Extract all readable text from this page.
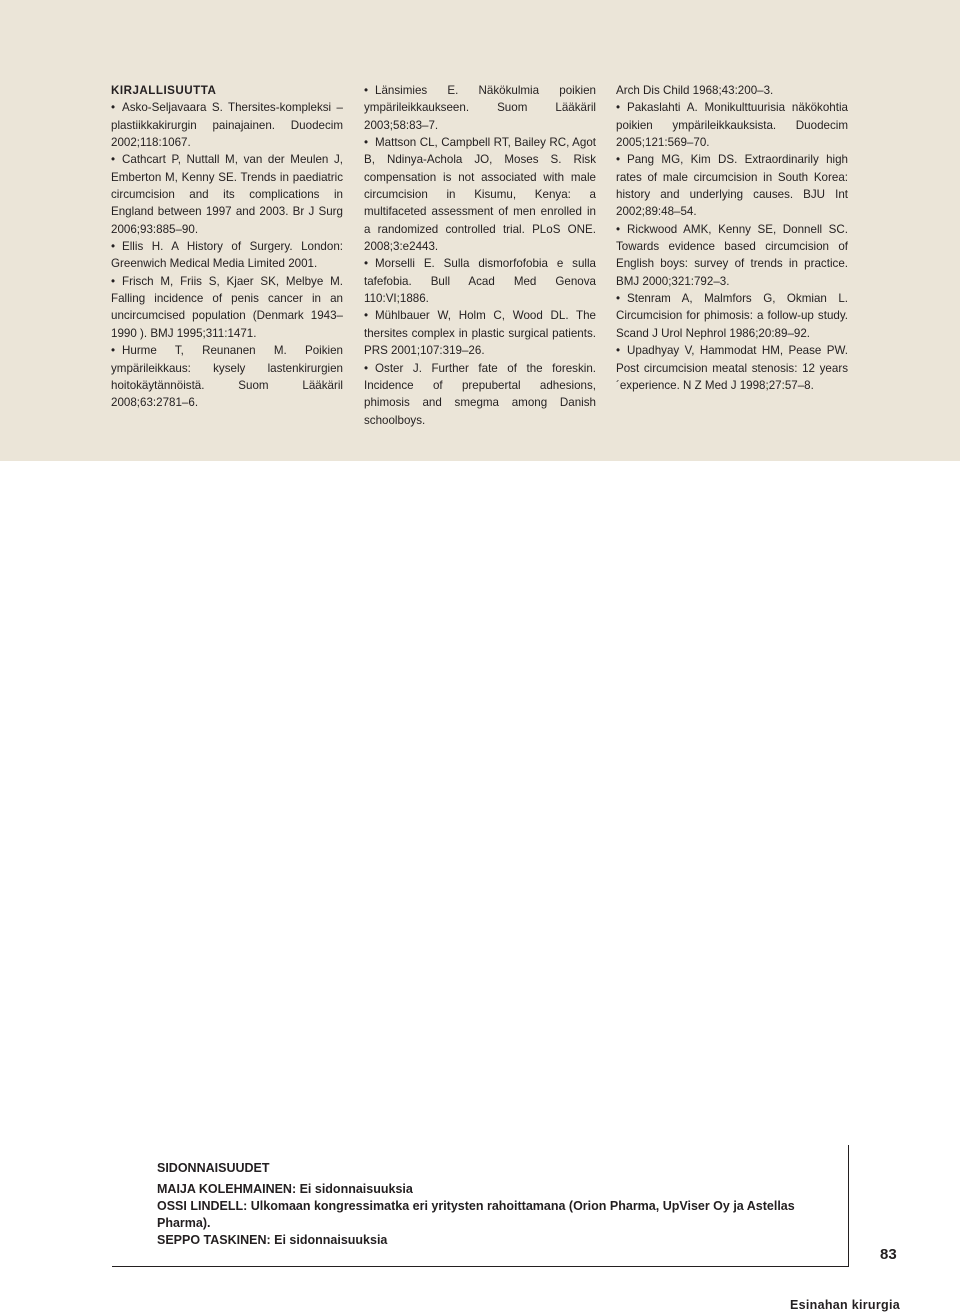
KIRJALLISUUTTA

• Asko-Seljavaara S. Thersites-kompleksi – plastiikkakirurgin painajainen. Duodecim 2002;118:1067.

• Cathcart P, Nuttall M, van der Meulen J, Emberton M, Kenny SE. Trends in paediatric circumcision and its complications in England between 1997 and 2003. Br J Surg 2006;93:885–90.

• Ellis H. A History of Surgery. London: Greenwich Medical Media Limited 2001.

• Frisch M, Friis S, Kjaer SK, Melbye M. Falling incidence of penis cancer in an uncircumcised population (Denmark 1943–1990 ). BMJ 1995;311:1471.

• Hurme T, Reunanen M. Poikien ympärileikkaus: kysely lastenkirurgien hoitokäytännöistä. Suom Lääkäril 2008;63:2781–6.

• Länsimies E. Näkökulmia poikien ympärileikkaukseen. Suom Lääkäril 2003;58:83–7.

• Mattson CL, Campbell RT, Bailey RC, Agot B, Ndinya-Achola JO, Moses S. Risk compensation is not associated with male circumcision in Kisumu, Kenya: a multifaceted assessment of men enrolled in a randomized controlled trial. PLoS ONE. 2008;3:e2443.

• Morselli E. Sulla dismorfofobia e sulla tafefobia. Bull Acad Med Genova 110:VI;1886.

• Mühlbauer W, Holm C, Wood DL. The thersites complex in plastic surgical patients. PRS 2001;107:319–26.

• Oster J. Further fate of the foreskin. Incidence of prepubertal adhesions, phimosis and smegma among Danish schoolboys.

Arch Dis Child 1968;43:200–3.

• Pakaslahti A. Monikulttuurisia näkökohtia poikien ympärileikkauksista. Duodecim 2005;121:569–70.

• Pang MG, Kim DS. Extraordinarily high rates of male circumcision in South Korea: history and underlying causes. BJU Int 2002;89:48–54.

• Rickwood AMK, Kenny SE, Donnell SC. Towards evidence based circumcision of English boys: survey of trends in practice. BMJ 2000;321:792–3.

• Stenram A, Malmfors G, Okmian L. Circumcision for phimosis: a follow-up study. Scand J Urol Nephrol 1986;20:89–92.

• Upadhyay V, Hammodat HM, Pease PW. Post circumcision meatal stenosis: 12 years´experience. N Z Med J 1998;27:57–8.

SIDONNAISUUDET

MAIJA KOLEHMAINEN: Ei sidonnaisuuksia

OSSI LINDELL: Ulkomaan kongressimatka eri yritysten rahoittamana (Orion Pharma, UpViser Oy ja Astellas Pharma).

SEPPO TASKINEN: Ei sidonnaisuuksia

83
Esinahan kirurgia
